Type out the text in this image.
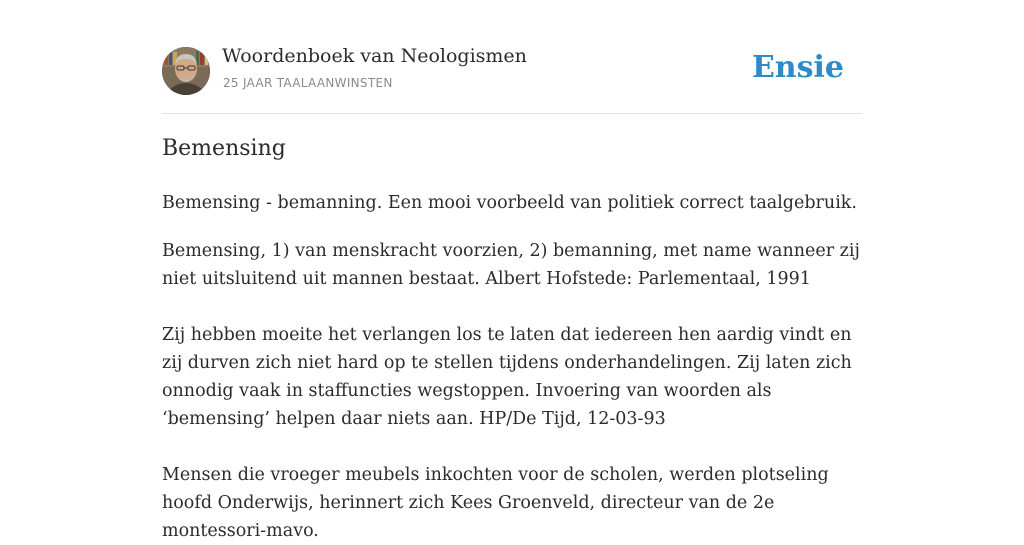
Woordenboek van Neologismen
25 JAAR TAALAANWINSTEN	Ensie
Bemensing

Bemensing - bemanning. Een mooi voorbeeld van politiek correct taalgebruik.

Bemensing, 1) van menskracht voorzien, 2) bemanning, met name wanneer zij niet uitsluitend uit mannen bestaat. Albert Hofstede: Parlementaal, 1991

Zij hebben moeite het verlangen los te laten dat iedereen hen aardig vindt en zij durven zich niet hard op te stellen tijdens onderhandelingen. Zij laten zich onnodig vaak in staffuncties wegstoppen. Invoering van woorden als ‘bemensing’ helpen daar niets aan. HP/De Tijd, 12-03-93

Mensen die vroeger meubels inkochten voor de scholen, werden plotseling hoofd Onderwijs, herinnert zich Kees Groenveld, directeur van de 2e montessori-mavo.
